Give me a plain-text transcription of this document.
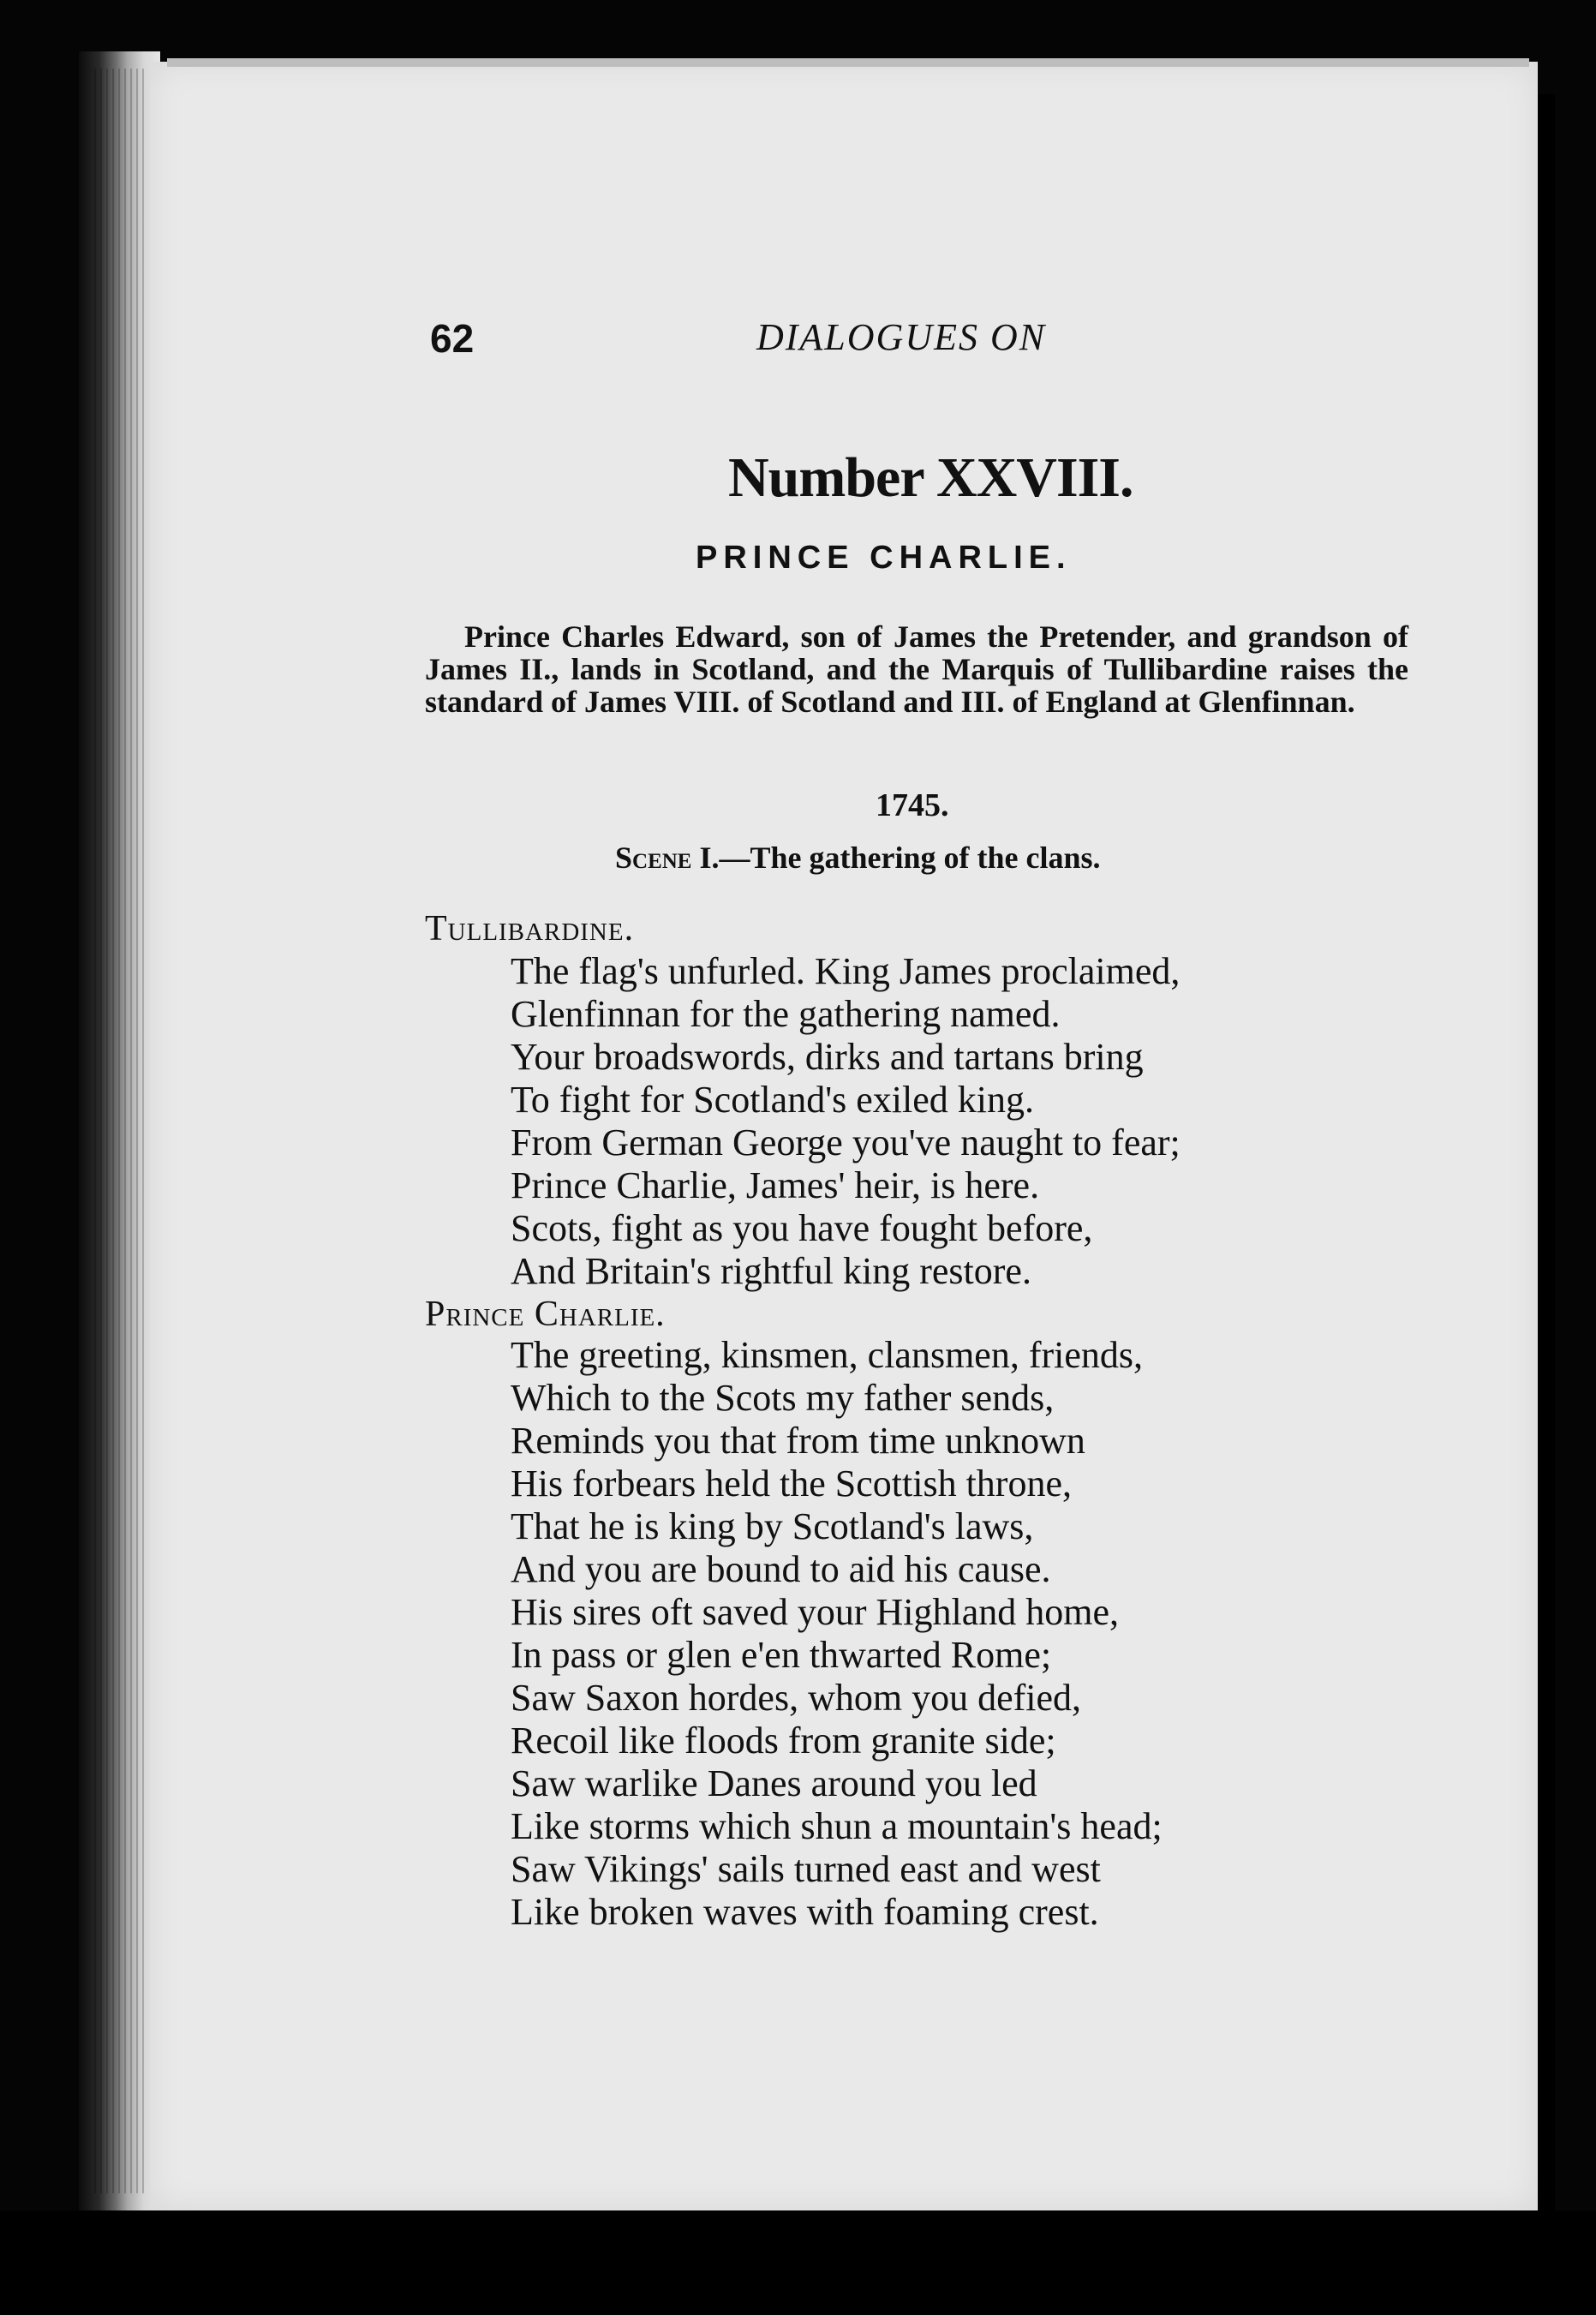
62	DIALOGUES ON
Number XXVIII.
PRINCE CHARLIE.
Prince Charles Edward, son of James the Pretender, and grandson of James II., lands in Scotland, and the Marquis of Tullibardine raises the standard of James VIII. of Scotland and III. of England at Glenfinnan.
1745.
Scene I.—The gathering of the clans.
Tullibardine.
The flag's unfurled. King James proclaimed,
Glenfinnan for the gathering named.
Your broadswords, dirks and tartans bring
To fight for Scotland's exiled king.
From German George you've naught to fear;
Prince Charlie, James' heir, is here.
Scots, fight as you have fought before,
And Britain's rightful king restore.
Prince Charlie.
The greeting, kinsmen, clansmen, friends,
Which to the Scots my father sends,
Reminds you that from time unknown
His forbears held the Scottish throne,
That he is king by Scotland's laws,
And you are bound to aid his cause.
His sires oft saved your Highland home,
In pass or glen e'en thwarted Rome;
Saw Saxon hordes, whom you defied,
Recoil like floods from granite side;
Saw warlike Danes around you led
Like storms which shun a mountain's head;
Saw Vikings' sails turned east and west
Like broken waves with foaming crest.
